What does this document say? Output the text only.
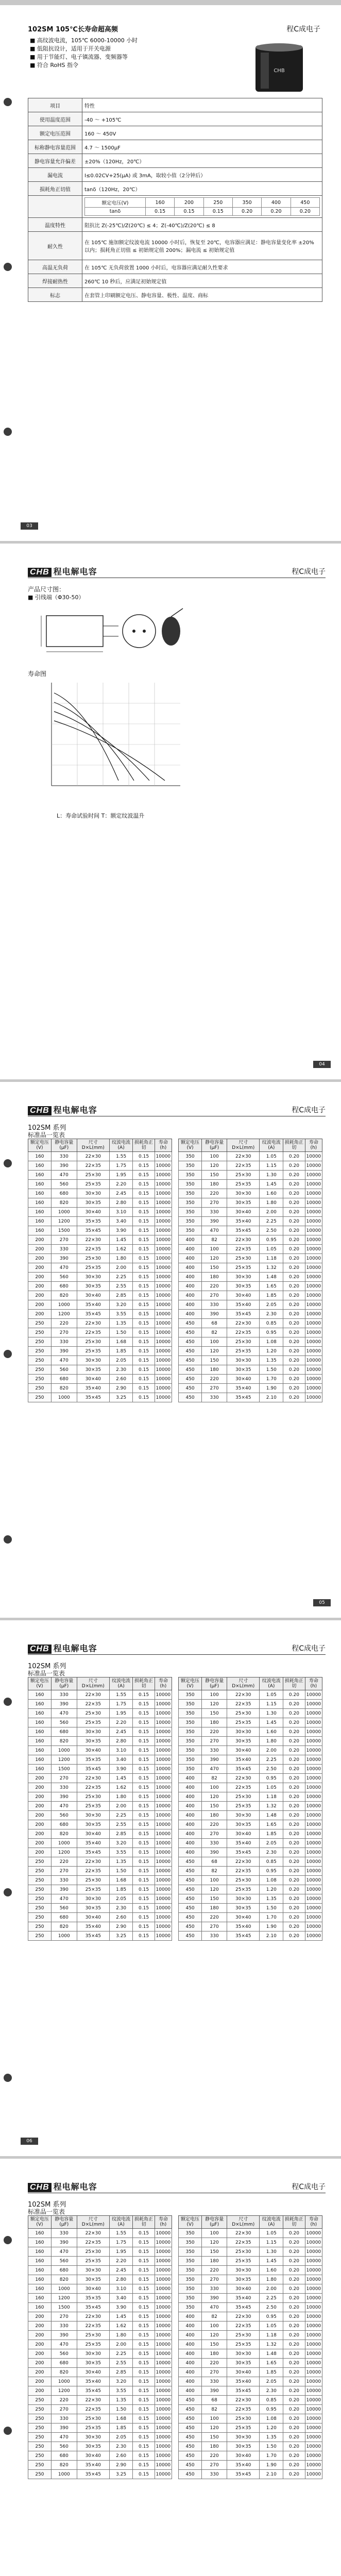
102SM 105℃长寿命超高频
■ 高纹波电流，105℃ 6000-10000 小时
■ 低阻抗设计，适用于开关电源
■ 用于节能灯、电子镇流器、变频器等
■ 符合 RoHS 指令
程C成电子
CHB
项目	特性
使用温度范围	-40 ～ +105℃
额定电压范围	160 ～ 450V
标称静电容量范围	4.7 ～ 1500μF
静电容量允许偏差	±20%（120Hz，20℃）
漏电流	I≤0.02CV+25(μA) 或 3mA，取较小值（2分钟后）
损耗角正切值	tanδ（120Hz，20℃）

额定电压(V)	160	200	250	350	400	450
tanδ	0.15	0.15	0.15	0.20	0.20	0.20

温度特性	阻抗比 Z(-25℃)/Z(20℃) ≤ 4；Z(-40℃)/Z(20℃) ≤ 8
耐久性	在 105℃ 施加额定纹波电流 10000 小时后，恢复至 20℃，电容器应满足：静电容量变化率 ±20% 以内；损耗角正切值 ≤ 初始规定值 200%；漏电流 ≤ 初始规定值
高温无负荷	在 105℃ 无负荷放置 1000 小时后，电容器应满足耐久性要求
焊接耐热性	260℃ 10 秒后，应满足初始规定值
标志	在套管上印刷额定电压、静电容量、极性、温度、商标
03
CHB 程电解电容	程C成电子
产品尺寸图：
■ 引线端（Φ30-50）
寿命图
L：寿命试验时间 T：额定纹波温升
04
CHB 程电解电容	程C成电子
102SM 系列
标准品一览表
额定电压(V)	静电容量(μF)	尺寸 D×L(mm)	纹波电流(A)	损耗角正切	寿命(h)
160	330	22×30	1.55	0.15	10000
160	390	22×35	1.75	0.15	10000
160	470	25×30	1.95	0.15	10000
160	560	25×35	2.20	0.15	10000
160	680	30×30	2.45	0.15	10000
160	820	30×35	2.80	0.15	10000
160	1000	30×40	3.10	0.15	10000
160	1200	35×35	3.40	0.15	10000
160	1500	35×45	3.90	0.15	10000
200	270	22×30	1.45	0.15	10000
200	330	22×35	1.62	0.15	10000
200	390	25×30	1.80	0.15	10000
200	470	25×35	2.00	0.15	10000
200	560	30×30	2.25	0.15	10000
200	680	30×35	2.55	0.15	10000
200	820	30×40	2.85	0.15	10000
200	1000	35×40	3.20	0.15	10000
200	1200	35×45	3.55	0.15	10000
250	220	22×30	1.35	0.15	10000
250	270	22×35	1.50	0.15	10000
250	330	25×30	1.68	0.15	10000
250	390	25×35	1.85	0.15	10000
250	470	30×30	2.05	0.15	10000
250	560	30×35	2.30	0.15	10000
250	680	30×40	2.60	0.15	10000
250	820	35×40	2.90	0.15	10000
250	1000	35×45	3.25	0.15	10000
额定电压(V)	静电容量(μF)	尺寸 D×L(mm)	纹波电流(A)	损耗角正切	寿命(h)
350	100	22×30	1.05	0.20	10000
350	120	22×35	1.15	0.20	10000
350	150	25×30	1.30	0.20	10000
350	180	25×35	1.45	0.20	10000
350	220	30×30	1.60	0.20	10000
350	270	30×35	1.80	0.20	10000
350	330	30×40	2.00	0.20	10000
350	390	35×40	2.25	0.20	10000
350	470	35×45	2.50	0.20	10000
400	82	22×30	0.95	0.20	10000
400	100	22×35	1.05	0.20	10000
400	120	25×30	1.18	0.20	10000
400	150	25×35	1.32	0.20	10000
400	180	30×30	1.48	0.20	10000
400	220	30×35	1.65	0.20	10000
400	270	30×40	1.85	0.20	10000
400	330	35×40	2.05	0.20	10000
400	390	35×45	2.30	0.20	10000
450	68	22×30	0.85	0.20	10000
450	82	22×35	0.95	0.20	10000
450	100	25×30	1.08	0.20	10000
450	120	25×35	1.20	0.20	10000
450	150	30×30	1.35	0.20	10000
450	180	30×35	1.50	0.20	10000
450	220	30×40	1.70	0.20	10000
450	270	35×40	1.90	0.20	10000
450	330	35×45	2.10	0.20	10000
05
CHB 程电解电容	程C成电子
102SM 系列
标准品一览表
额定电压(V)	静电容量(μF)	尺寸 D×L(mm)	纹波电流(A)	损耗角正切	寿命(h)
160	330	22×30	1.55	0.15	10000
160	390	22×35	1.75	0.15	10000
160	470	25×30	1.95	0.15	10000
160	560	25×35	2.20	0.15	10000
160	680	30×30	2.45	0.15	10000
160	820	30×35	2.80	0.15	10000
160	1000	30×40	3.10	0.15	10000
160	1200	35×35	3.40	0.15	10000
160	1500	35×45	3.90	0.15	10000
200	270	22×30	1.45	0.15	10000
200	330	22×35	1.62	0.15	10000
200	390	25×30	1.80	0.15	10000
200	470	25×35	2.00	0.15	10000
200	560	30×30	2.25	0.15	10000
200	680	30×35	2.55	0.15	10000
200	820	30×40	2.85	0.15	10000
200	1000	35×40	3.20	0.15	10000
200	1200	35×45	3.55	0.15	10000
250	220	22×30	1.35	0.15	10000
250	270	22×35	1.50	0.15	10000
250	330	25×30	1.68	0.15	10000
250	390	25×35	1.85	0.15	10000
250	470	30×30	2.05	0.15	10000
250	560	30×35	2.30	0.15	10000
250	680	30×40	2.60	0.15	10000
250	820	35×40	2.90	0.15	10000
250	1000	35×45	3.25	0.15	10000
额定电压(V)	静电容量(μF)	尺寸 D×L(mm)	纹波电流(A)	损耗角正切	寿命(h)
350	100	22×30	1.05	0.20	10000
350	120	22×35	1.15	0.20	10000
350	150	25×30	1.30	0.20	10000
350	180	25×35	1.45	0.20	10000
350	220	30×30	1.60	0.20	10000
350	270	30×35	1.80	0.20	10000
350	330	30×40	2.00	0.20	10000
350	390	35×40	2.25	0.20	10000
350	470	35×45	2.50	0.20	10000
400	82	22×30	0.95	0.20	10000
400	100	22×35	1.05	0.20	10000
400	120	25×30	1.18	0.20	10000
400	150	25×35	1.32	0.20	10000
400	180	30×30	1.48	0.20	10000
400	220	30×35	1.65	0.20	10000
400	270	30×40	1.85	0.20	10000
400	330	35×40	2.05	0.20	10000
400	390	35×45	2.30	0.20	10000
450	68	22×30	0.85	0.20	10000
450	82	22×35	0.95	0.20	10000
450	100	25×30	1.08	0.20	10000
450	120	25×35	1.20	0.20	10000
450	150	30×30	1.35	0.20	10000
450	180	30×35	1.50	0.20	10000
450	220	30×40	1.70	0.20	10000
450	270	35×40	1.90	0.20	10000
450	330	35×45	2.10	0.20	10000
06
CHB 程电解电容	程C成电子
102SM 系列
标准品一览表
额定电压(V)	静电容量(μF)	尺寸 D×L(mm)	纹波电流(A)	损耗角正切	寿命(h)
160	330	22×30	1.55	0.15	10000
160	390	22×35	1.75	0.15	10000
160	470	25×30	1.95	0.15	10000
160	560	25×35	2.20	0.15	10000
160	680	30×30	2.45	0.15	10000
160	820	30×35	2.80	0.15	10000
160	1000	30×40	3.10	0.15	10000
160	1200	35×35	3.40	0.15	10000
160	1500	35×45	3.90	0.15	10000
200	270	22×30	1.45	0.15	10000
200	330	22×35	1.62	0.15	10000
200	390	25×30	1.80	0.15	10000
200	470	25×35	2.00	0.15	10000
200	560	30×30	2.25	0.15	10000
200	680	30×35	2.55	0.15	10000
200	820	30×40	2.85	0.15	10000
200	1000	35×40	3.20	0.15	10000
200	1200	35×45	3.55	0.15	10000
250	220	22×30	1.35	0.15	10000
250	270	22×35	1.50	0.15	10000
250	330	25×30	1.68	0.15	10000
250	390	25×35	1.85	0.15	10000
250	470	30×30	2.05	0.15	10000
250	560	30×35	2.30	0.15	10000
250	680	30×40	2.60	0.15	10000
250	820	35×40	2.90	0.15	10000
250	1000	35×45	3.25	0.15	10000
额定电压(V)	静电容量(μF)	尺寸 D×L(mm)	纹波电流(A)	损耗角正切	寿命(h)
350	100	22×30	1.05	0.20	10000
350	120	22×35	1.15	0.20	10000
350	150	25×30	1.30	0.20	10000
350	180	25×35	1.45	0.20	10000
350	220	30×30	1.60	0.20	10000
350	270	30×35	1.80	0.20	10000
350	330	30×40	2.00	0.20	10000
350	390	35×40	2.25	0.20	10000
350	470	35×45	2.50	0.20	10000
400	82	22×30	0.95	0.20	10000
400	100	22×35	1.05	0.20	10000
400	120	25×30	1.18	0.20	10000
400	150	25×35	1.32	0.20	10000
400	180	30×30	1.48	0.20	10000
400	220	30×35	1.65	0.20	10000
400	270	30×40	1.85	0.20	10000
400	330	35×40	2.05	0.20	10000
400	390	35×45	2.30	0.20	10000
450	68	22×30	0.85	0.20	10000
450	82	22×35	0.95	0.20	10000
450	100	25×30	1.08	0.20	10000
450	120	25×35	1.20	0.20	10000
450	150	30×30	1.35	0.20	10000
450	180	30×35	1.50	0.20	10000
450	220	30×40	1.70	0.20	10000
450	270	35×40	1.90	0.20	10000
450	330	35×45	2.10	0.20	10000
